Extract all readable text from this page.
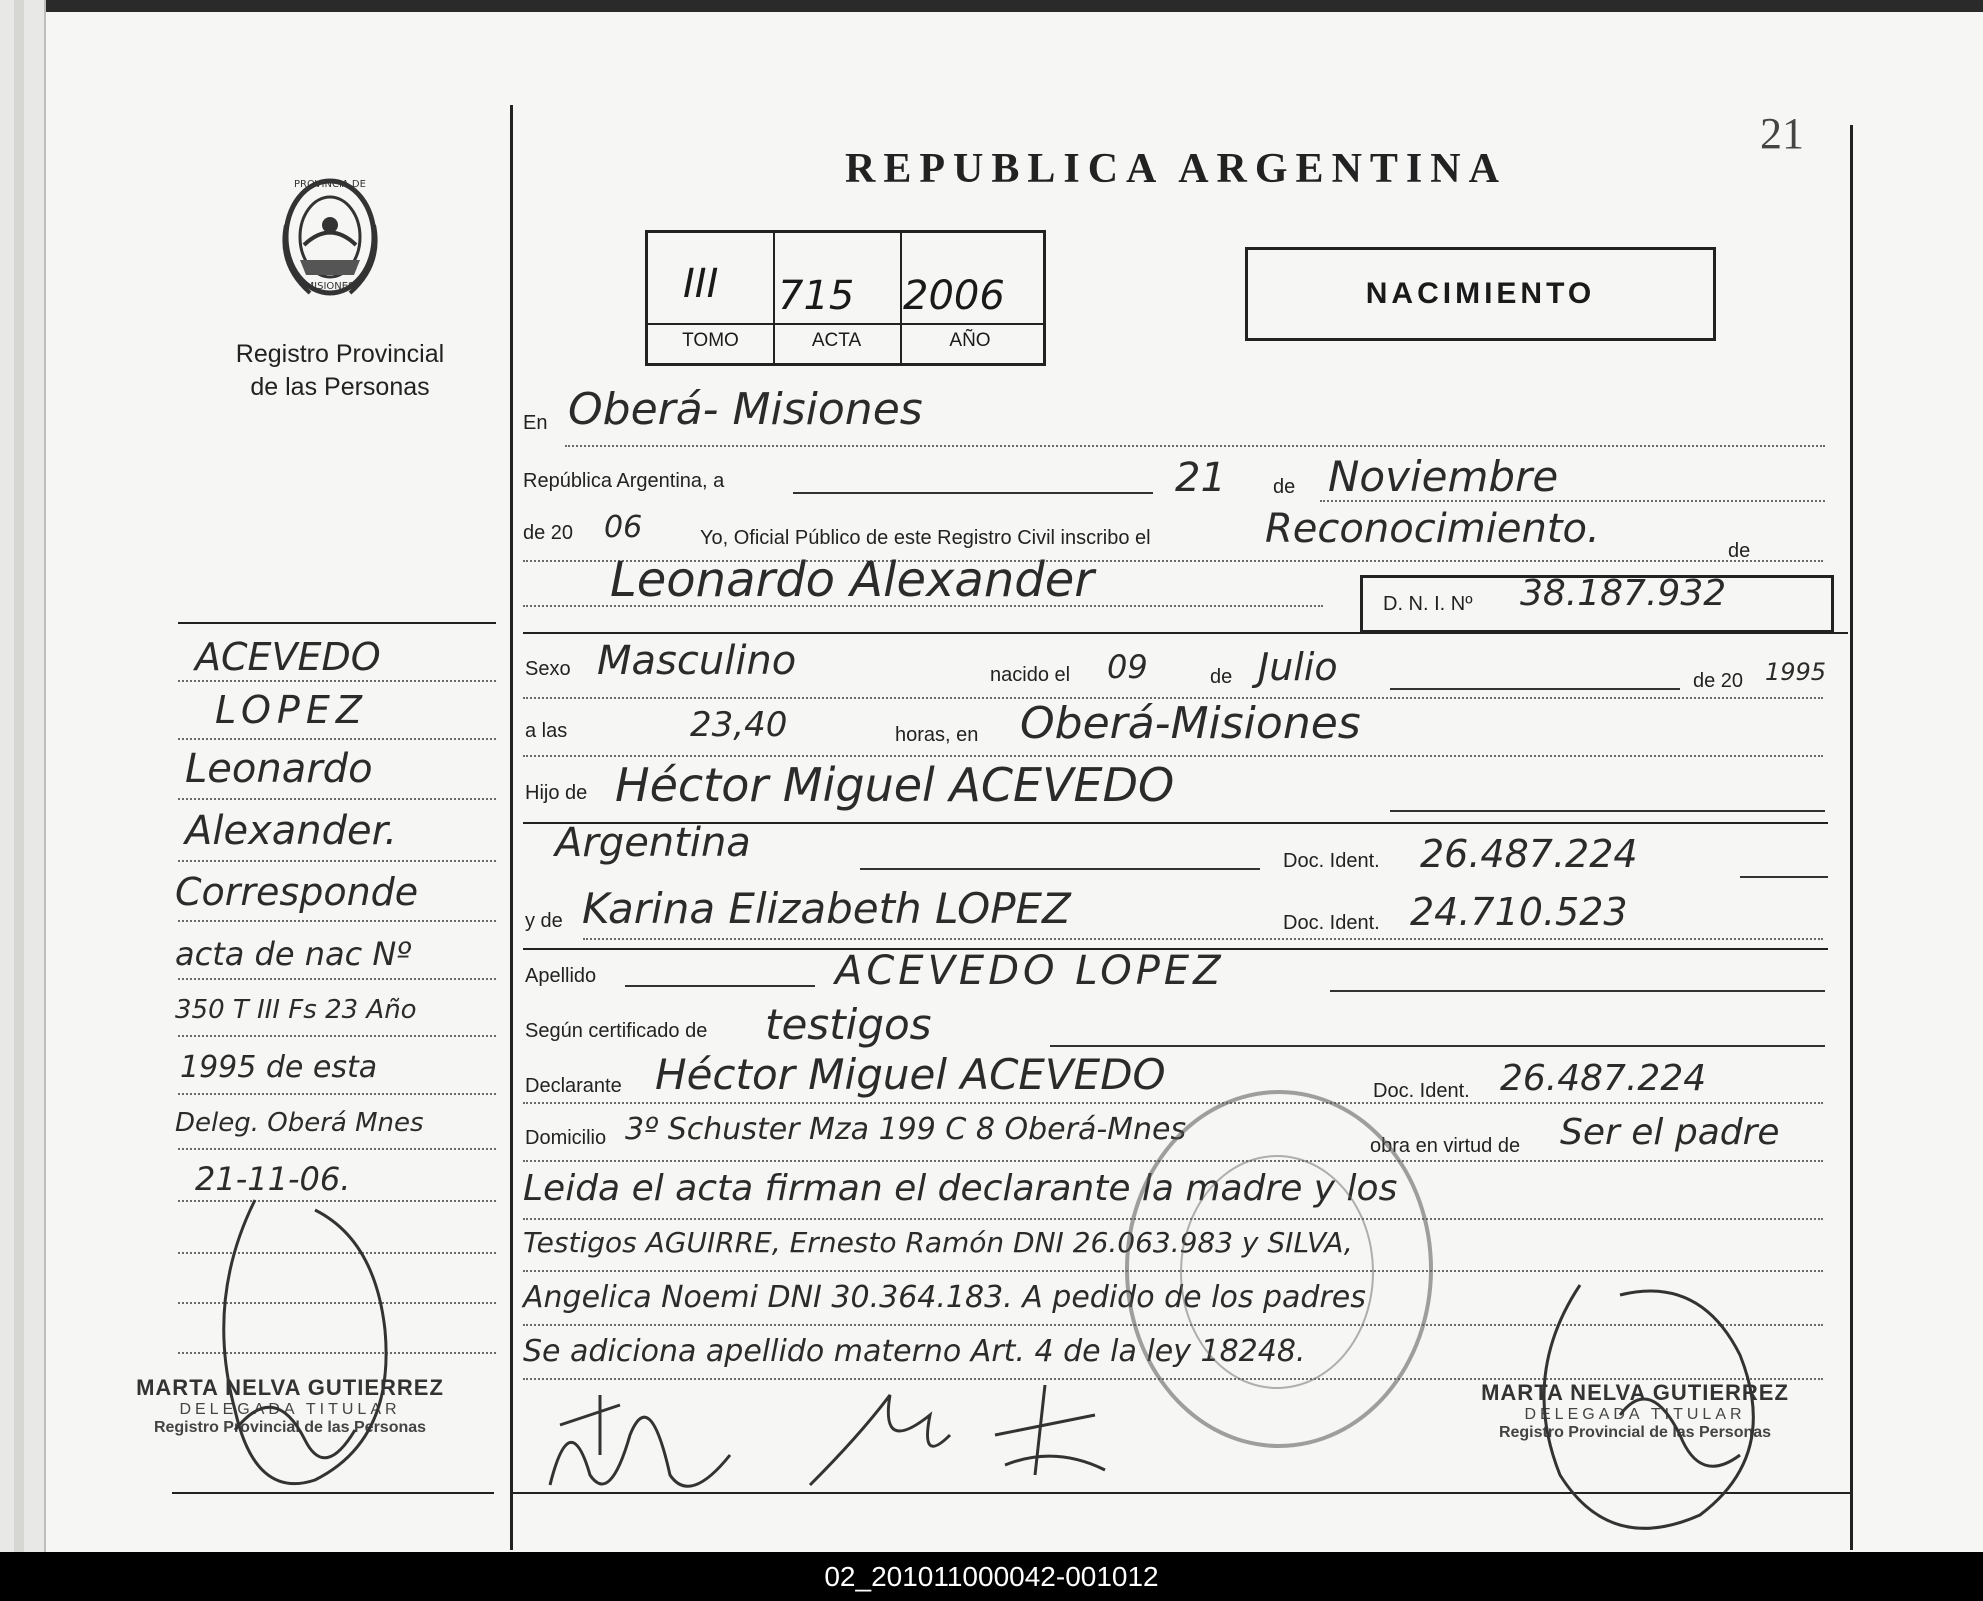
21
PROVINCIA DE
MISIONES
Registro Provincial
de las Personas
REPUBLICA ARGENTINA
III 715 2006
TOMO	ACTA	AÑO
NACIMIENTO
En Oberá- Misiones
República Argentina, a	21 de Noviembre
de 20 06	Yo, Oficial Público de este Registro Civil inscribo el	Reconocimiento.	de
Leonardo Alexander	D. N. I. Nº 38.187.932
Sexo Masculino	nacido el 09	de Julio	de 20 1995
a las	23,40	horas, en Oberá-Misiones
Hijo de Héctor Miguel ACEVEDO
Argentina	Doc. Ident. 26.487.224
y de Karina Elizabeth LOPEZ	Doc. Ident. 24.710.523
Apellido	ACEVEDO LOPEZ
Según certificado de testigos
Declarante Héctor Miguel ACEVEDO	Doc. Ident. 26.487.224
Domicilio 3º Schuster Mza 199 C 8 Oberá-Mnes	obra en virtud de Ser el padre
Leida el acta firman el declarante la madre y los
Testigos AGUIRRE, Ernesto Ramón DNI 26.063.983 y SILVA,
Angelica Noemi DNI 30.364.183. A pedido de los padres
Se adiciona apellido materno Art. 4 de la ley 18248.
ACEVEDO
LOPEZ
Leonardo
Alexander.
Corresponde
acta de nac Nº
350 T III Fs 23 Año
1995 de esta
Deleg. Oberá Mnes
21-11-06.
MARTA NELVA GUTIERREZ
DELEGADA TITULAR
Registro Provincial de las Personas
MARTA NELVA GUTIERREZ
DELEGADA TITULAR
Registro Provincial de las Personas
02_201011000042-001012
